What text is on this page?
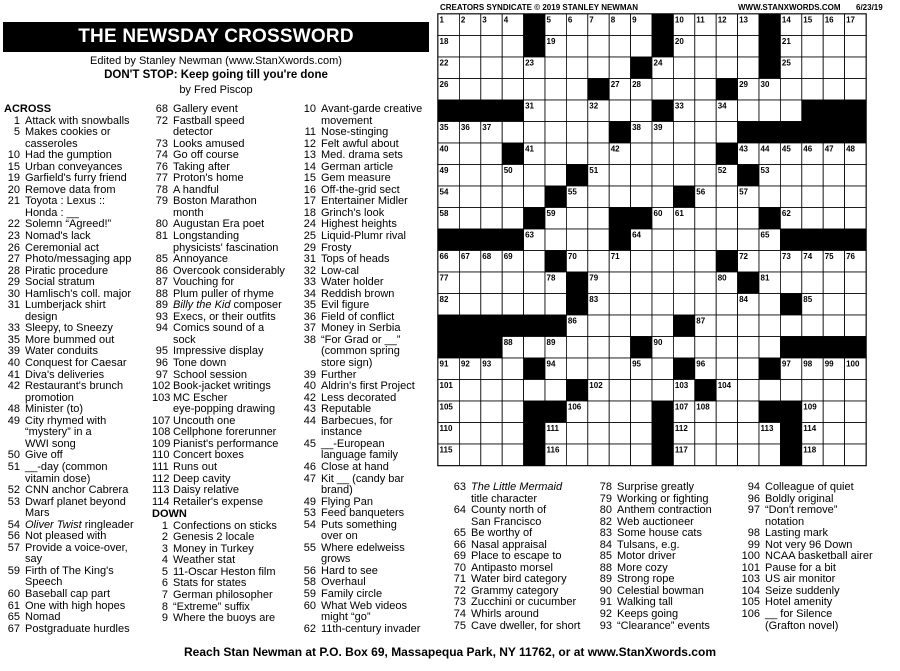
CREATORS SYNDICATE © 2019 STANLEY NEWMAN	WWW.STANXWORDS.COM 6/23/19
THE NEWSDAY CROSSWORD
Edited by Stanley Newman (www.StanXwords.com)
DON'T STOP: Keep going till you're done
by Fred Piscop
ACROSS
1 Attack with snowballs
5 Makes cookies or
casseroles
10 Had the gumption
15 Urban conveyances
19 Garfield's furry friend
20 Remove data from
21 Toyota : Lexus ::
Honda : __
22 Solemn “Agreed!”
23 Nomad's lack
26 Ceremonial act
27 Photo/messaging app
28 Piratic procedure
29 Social stratum
30 Hamlisch's coll. major
31 Lumberjack shirt
design
33 Sleepy, to Sneezy
35 More bummed out
39 Water conduits
40 Conquest for Caesar
41 Diva's deliveries
42 Restaurant's brunch
promotion
48 Minister (to)
49 City rhymed with
“mystery” in a
WWI song
50 Give off
51 __-day (common
vitamin dose)
52 CNN anchor Cabrera
53 Dwarf planet beyond
Mars
54 Oliver Twist ringleader
56 Not pleased with
57 Provide a voice-over,
say
59 Firth of The King's
Speech
60 Baseball cap part
61 One with high hopes
65 Nomad
67 Postgraduate hurdles
68 Gallery event
72 Fastball speed
detector
73 Looks amused
74 Go off course
76 Taking after
77 Proton's home
78 A handful
79 Boston Marathon
month
80 Augustan Era poet
81 Longstanding
physicists' fascination
85 Annoyance
86 Overcook considerably
87 Vouching for
88 Plum puller of rhyme
89 Billy the Kid composer
93 Execs, or their outfits
94 Comics sound of a
sock
95 Impressive display
96 Tone down
97 School session
102 Book-jacket writings
103 MC Escher
eye-popping drawing
107 Uncouth one
108 Cellphone forerunner
109 Pianist's performance
110 Concert boxes
111 Runs out
112 Deep cavity
113 Daisy relative
114 Retailer's expense
DOWN
1 Confections on sticks
2 Genesis 2 locale
3 Money in Turkey
4 Weather stat
5 11-Oscar Heston film
6 Stats for states
7 German philosopher
8 “Extreme” suffix
9 Where the buoys are
10 Avant-garde creative
movement
11 Nose-stinging
12 Felt awful about
13 Med. drama sets
14 German article
15 Gem measure
16 Off-the-grid sect
17 Entertainer Midler
18 Grinch's look
24 Highest heights
25 Liquid-Plumr rival
29 Frosty
31 Tops of heads
32 Low-cal
33 Water holder
34 Reddish brown
35 Evil figure
36 Field of conflict
37 Money in Serbia
38 “For Grad or __”
(common spring
store sign)
39 Further
40 Aldrin's first Project
42 Less decorated
43 Reputable
44 Barbecues, for
instance
45 __-European
language family
46 Close at hand
47 Kit __ (candy bar
brand)
49 Flying Pan
53 Feed banqueters
54 Puts something
over on
55 Where edelweiss
grows
56 Hard to see
58 Overhaul
59 Family circle
60 What Web videos
might “go”
62 11th-century invader
63 The Little Mermaid
title character
64 County north of
San Francisco
65 Be worthy of
66 Nasal appraisal
69 Place to escape to
70 Antipasto morsel
71 Water bird category
72 Grammy category
73 Zucchini or cucumber
74 Whirls around
75 Cave dweller, for short
78 Surprise greatly
79 Working or fighting
80 Anthem contraction
82 Web auctioneer
83 Some house cats
84 Tulsans, e.g.
85 Motor driver
88 More cozy
89 Strong rope
90 Celestial bowman
91 Walking tall
92 Keeps going
93 “Clearance” events
94 Colleague of quiet
96 Boldly original
97 “Don't remove”
notation
98 Lasting mark
99 Not very 96 Down
100 NCAA basketball airer
101 Pause for a bit
103 US air monitor
104 Seize suddenly
105 Hotel amenity
106 __ for Silence
(Grafton novel)
1 2 3 4	5 6 7 8 9	10 11 12 13	14 15 16 17
18	19	20	21
22	23	24	25
26	27 28	29 30
31	32	33	34
35 36 37	38 39
40	41	42	43 44 45 46 47 48
49	50	51	52	53
54	55	56	57
58	59	60 61	62
63	64	65
66 67 68 69	70	71	72	73 74 75 76
77	78	79	80	81
82	83	84	85
86	87
88	89	90
91 92 93	94	95	96	97 98 99 100
101	102	103	104
105	106	107 108	109
110	111	112	113	114
115	116	117	118
Reach Stan Newman at P.O. Box 69, Massapequa Park, NY 11762, or at www.StanXwords.com
